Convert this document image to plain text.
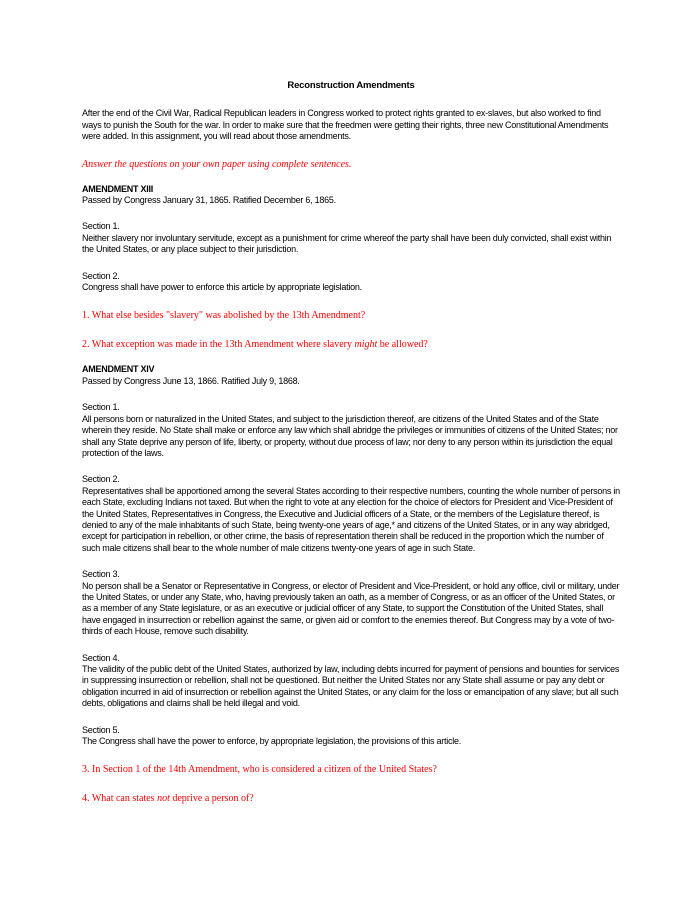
Reconstruction Amendments
After the end of the Civil War, Radical Republican leaders in Congress worked to protect rights granted to ex-slaves, but also worked to find ways to punish the South for the war. In order to make sure that the freedmen were getting their rights, three new Constitutional Amendments were added. In this assignment, you will read about those amendments.
Answer the questions on your own paper using complete sentences.
AMENDMENT XIII
Passed by Congress January 31, 1865. Ratified December 6, 1865.
Section 1.
Neither slavery nor involuntary servitude, except as a punishment for crime whereof the party shall have been duly convicted, shall exist within the United States, or any place subject to their jurisdiction.
Section 2.
Congress shall have power to enforce this article by appropriate legislation.
1. What else besides "slavery" was abolished by the 13th Amendment?
2. What exception was made in the 13th Amendment where slavery might be allowed?
AMENDMENT XIV
Passed by Congress June 13, 1866. Ratified July 9, 1868.
Section 1.
All persons born or naturalized in the United States, and subject to the jurisdiction thereof, are citizens of the United States and of the State wherein they reside. No State shall make or enforce any law which shall abridge the privileges or immunities of citizens of the United States; nor shall any State deprive any person of life, liberty, or property, without due process of law; nor deny to any person within its jurisdiction the equal protection of the laws.
Section 2.
Representatives shall be apportioned among the several States according to their respective numbers, counting the whole number of persons in each State, excluding Indians not taxed. But when the right to vote at any election for the choice of electors for President and Vice-President of the United States, Representatives in Congress, the Executive and Judicial officers of a State, or the members of the Legislature thereof, is denied to any of the male inhabitants of such State, being twenty-one years of age,* and citizens of the United States, or in any way abridged, except for participation in rebellion, or other crime, the basis of representation therein shall be reduced in the proportion which the number of such male citizens shall bear to the whole number of male citizens twenty-one years of age in such State.
Section 3.
No person shall be a Senator or Representative in Congress, or elector of President and Vice-President, or hold any office, civil or military, under the United States, or under any State, who, having previously taken an oath, as a member of Congress, or as an officer of the United States, or as a member of any State legislature, or as an executive or judicial officer of any State, to support the Constitution of the United States, shall have engaged in insurrection or rebellion against the same, or given aid or comfort to the enemies thereof. But Congress may by a vote of two-thirds of each House, remove such disability.
Section 4.
The validity of the public debt of the United States, authorized by law, including debts incurred for payment of pensions and bounties for services in suppressing insurrection or rebellion, shall not be questioned. But neither the United States nor any State shall assume or pay any debt or obligation incurred in aid of insurrection or rebellion against the United States, or any claim for the loss or emancipation of any slave; but all such debts, obligations and claims shall be held illegal and void.
Section 5.
The Congress shall have the power to enforce, by appropriate legislation, the provisions of this article.
3. In Section 1 of the 14th Amendment, who is considered a citizen of the United States?
4. What can states not deprive a person of?
